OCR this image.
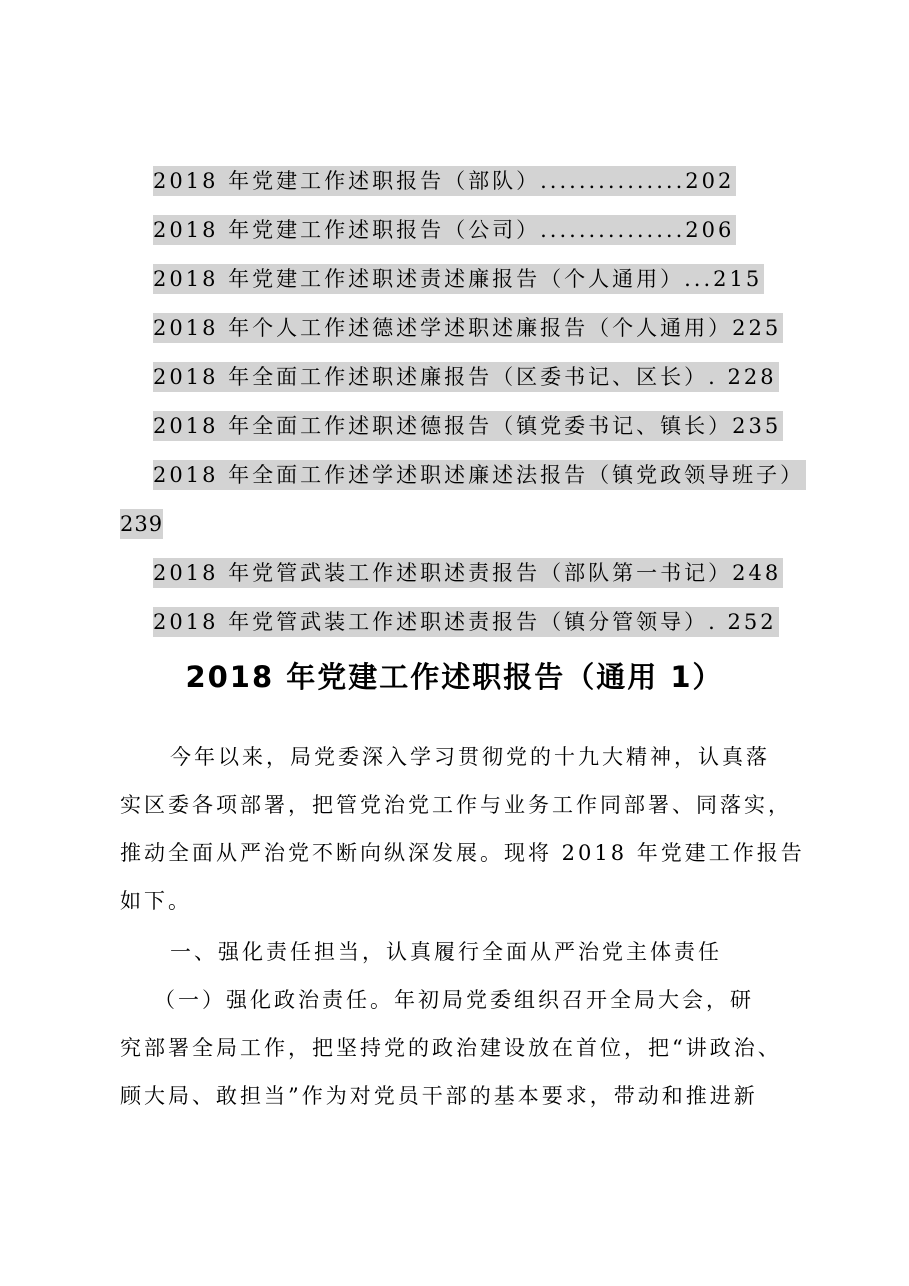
2018 年党建工作述职报告（部队）...............202
2018 年党建工作述职报告（公司）...............206
2018 年党建工作述职述责述廉报告（个人通用）...215
2018 年个人工作述德述学述职述廉报告（个人通用）225
2018 年全面工作述职述廉报告（区委书记、区长）. 228
2018 年全面工作述职述德报告（镇党委书记、镇长）235
2018 年全面工作述学述职述廉述法报告（镇党政领导班子）
239
2018 年党管武装工作述职述责报告（部队第一书记）248
2018 年党管武装工作述职述责报告（镇分管领导）. 252
2018 年党建工作述职报告（通用 1）
今年以来，局党委深入学习贯彻党的十九大精神，认真落
实区委各项部署，把管党治党工作与业务工作同部署、同落实，
推动全面从严治党不断向纵深发展。现将 2018 年党建工作报告
如下。
一、强化责任担当，认真履行全面从严治党主体责任
（一）强化政治责任。年初局党委组织召开全局大会，研
究部署全局工作，把坚持党的政治建设放在首位，把“讲政治、
顾大局、敢担当”作为对党员干部的基本要求，带动和推进新
